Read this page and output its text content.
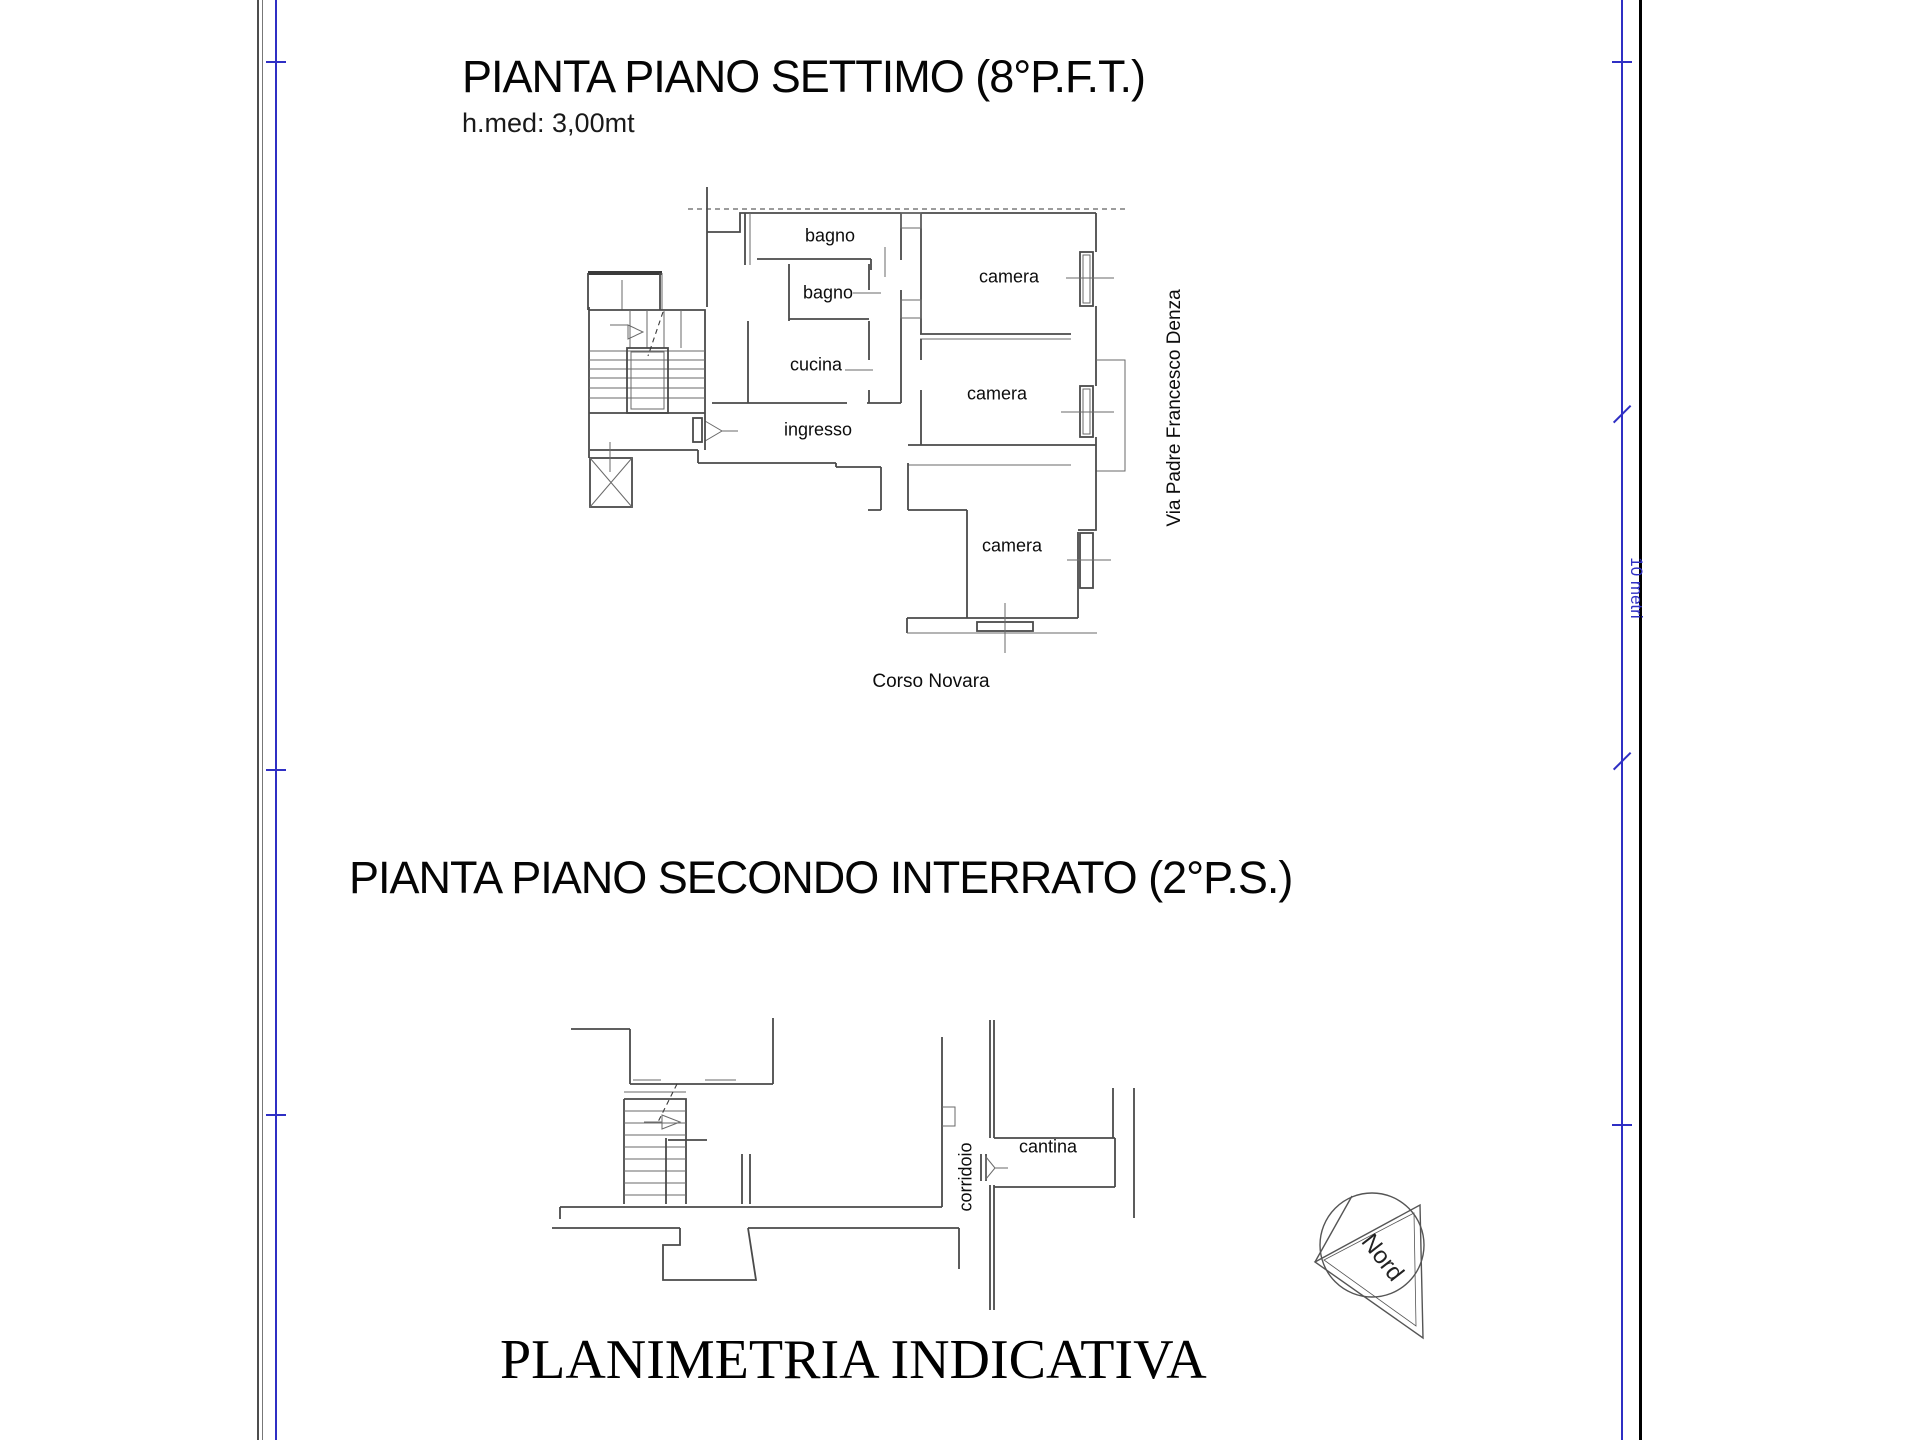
10 metri
PIANTA PIANO SETTIMO (8°P.F.T.)
h.med: 3,00mt
PIANTA PIANO SECONDO INTERRATO (2°P.S.)
bagno
bagno
cucina
ingresso
camera
camera
camera
Via Padre Francesco Denza
Corso Novara
corridoio cantina
Nord
PLANIMETRIA INDICATIVA
